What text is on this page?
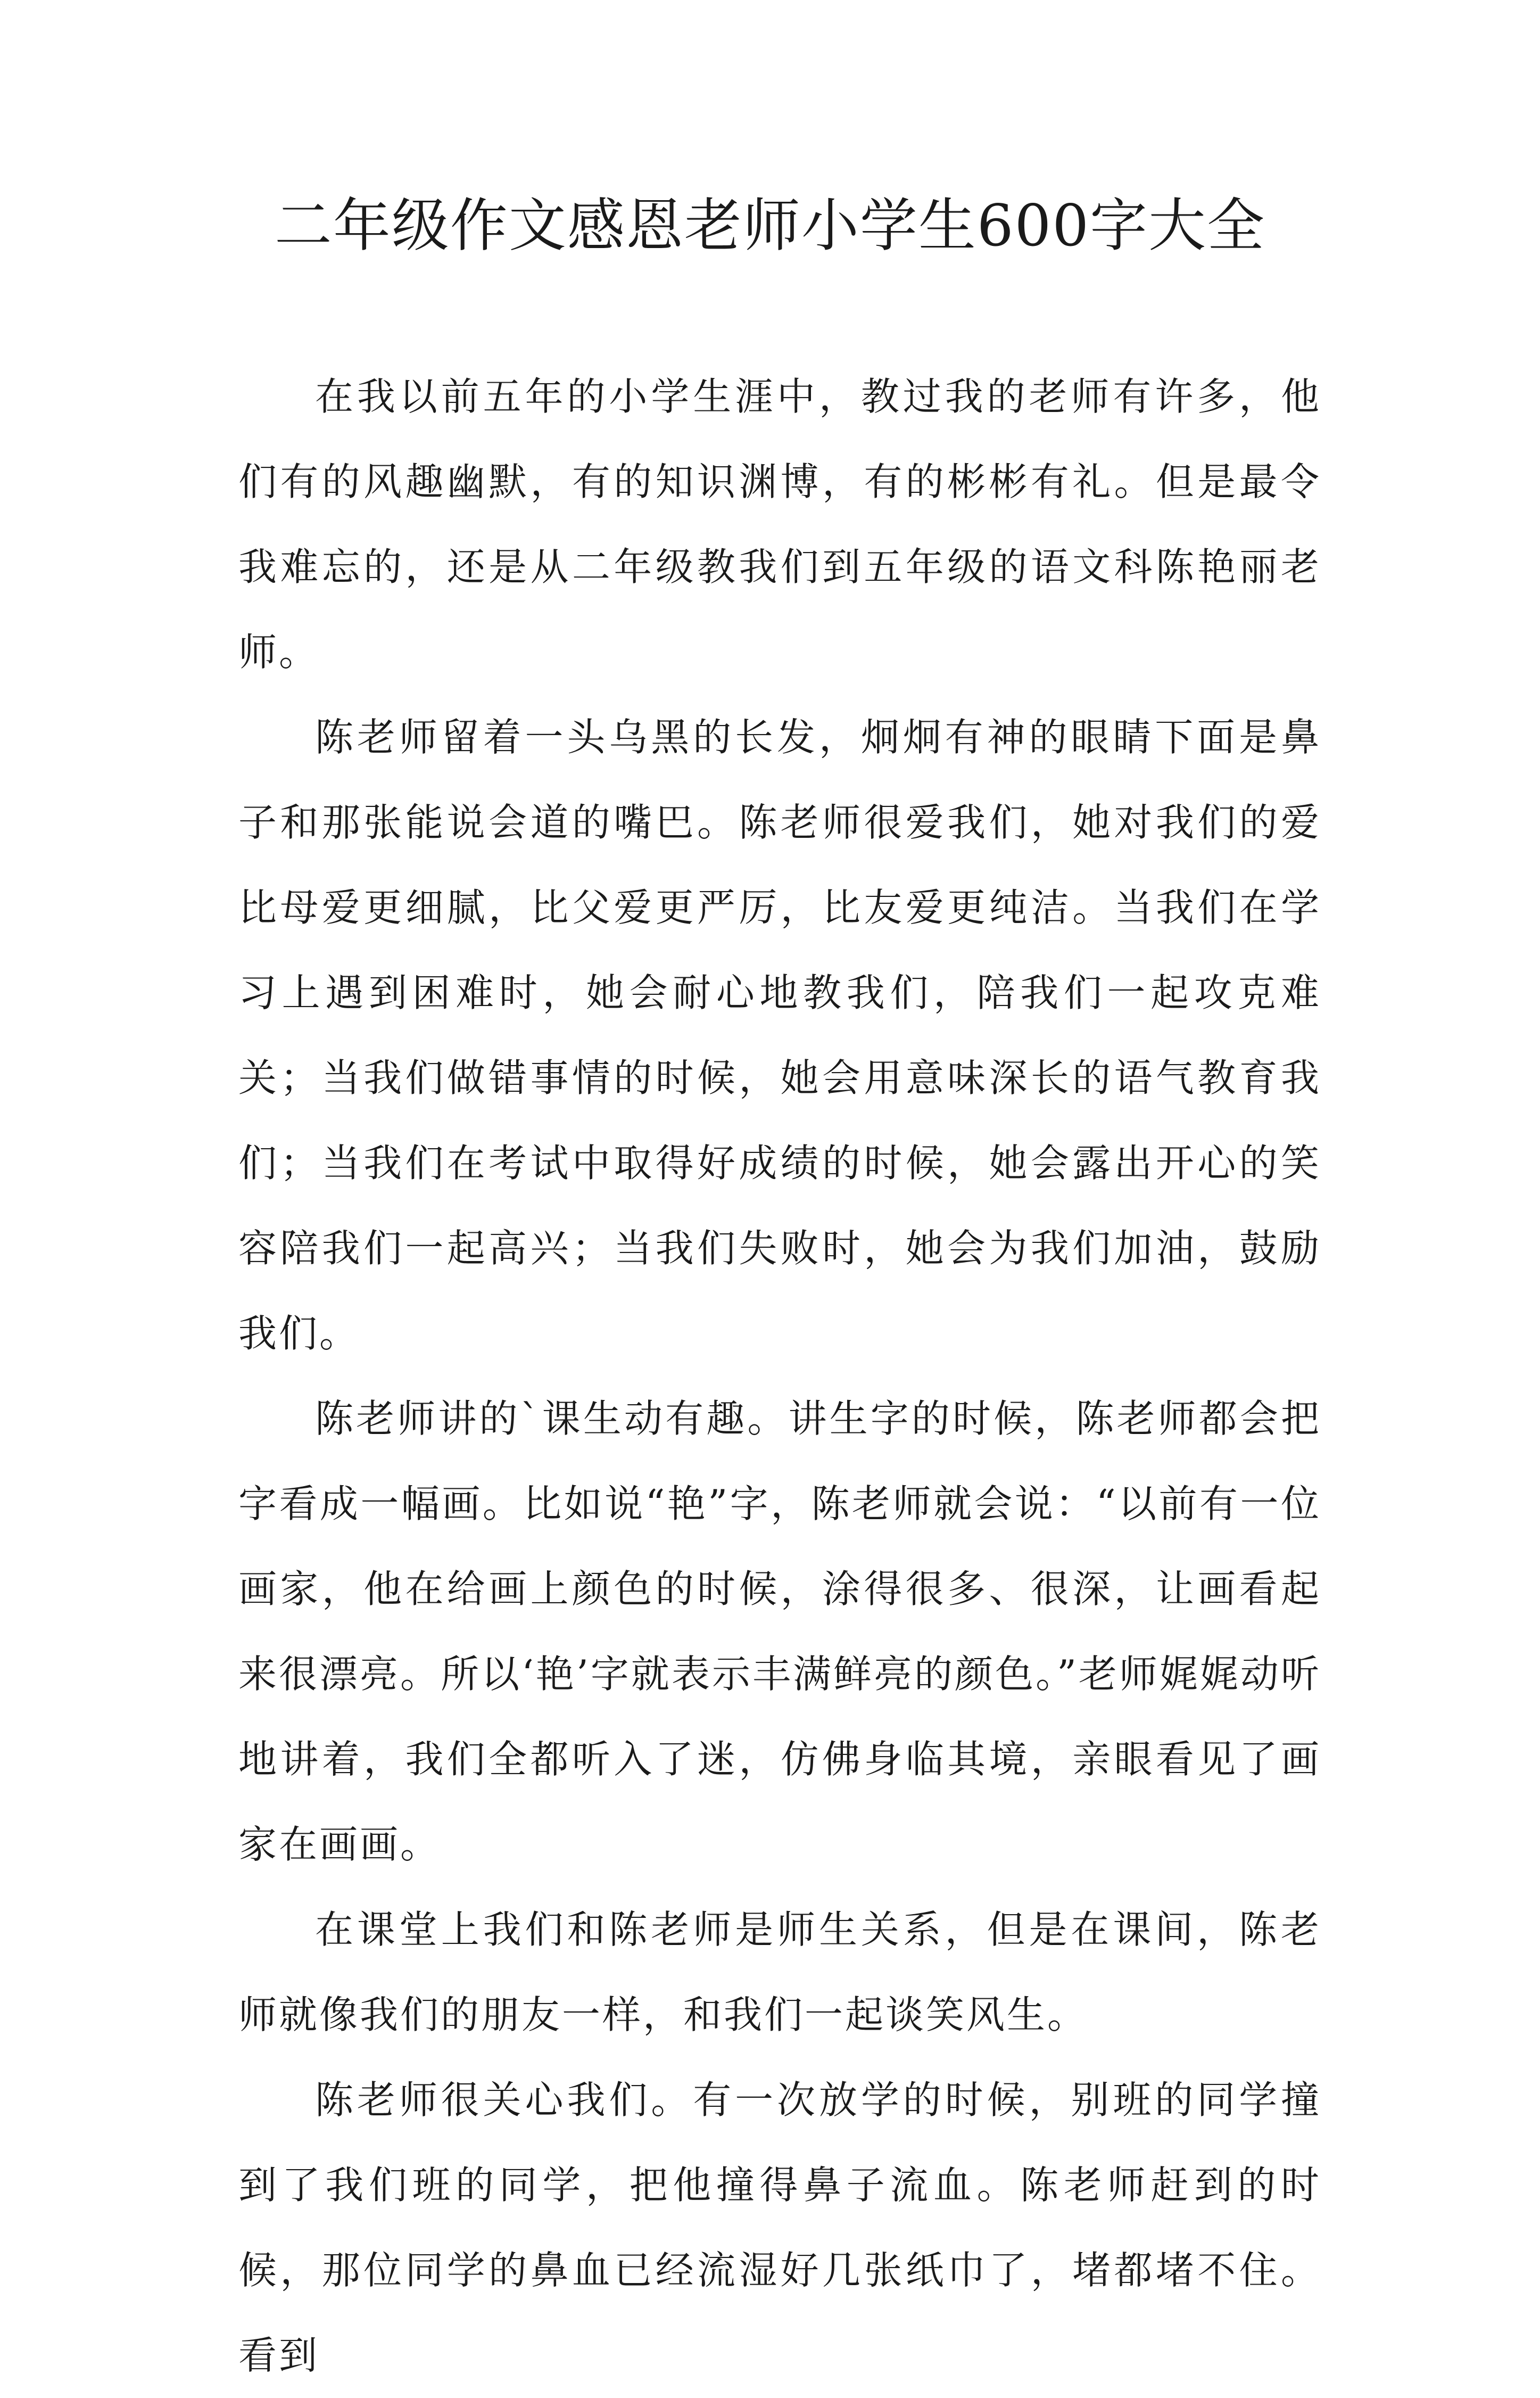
二年级作文感恩老师小学生600字大全

在我以前五年的小学生涯中，教过我的老师有许多，他们有的风趣幽默，有的知识渊博，有的彬彬有礼。但是最令我难忘的，还是从二年级教我们到五年级的语文科陈艳丽老师。

陈老师留着一头乌黑的长发，炯炯有神的眼睛下面是鼻子和那张能说会道的嘴巴。陈老师很爱我们，她对我们的爱比母爱更细腻，比父爱更严厉，比友爱更纯洁。当我们在学习上遇到困难时，她会耐心地教我们，陪我们一起攻克难关；当我们做错事情的时候，她会用意味深长的语气教育我们；当我们在考试中取得好成绩的时候，她会露出开心的笑容陪我们一起高兴；当我们失败时，她会为我们加油，鼓励我们。

陈老师讲的`课生动有趣。讲生字的时候，陈老师都会把字看成一幅画。比如说“艳”字，陈老师就会说：“以前有一位画家，他在给画上颜色的时候，涂得很多、很深，让画看起来很漂亮。所以‘艳’字就表示丰满鲜亮的颜色。”老师娓娓动听地讲着，我们全都听入了迷，仿佛身临其境，亲眼看见了画家在画画。

在课堂上我们和陈老师是师生关系，但是在课间，陈老师就像我们的朋友一样，和我们一起谈笑风生。

陈老师很关心我们。有一次放学的时候，别班的同学撞到了我们班的同学，把他撞得鼻子流血。陈老师赶到的时候，那位同学的鼻血已经流湿好几张纸巾了，堵都堵不住。看到
